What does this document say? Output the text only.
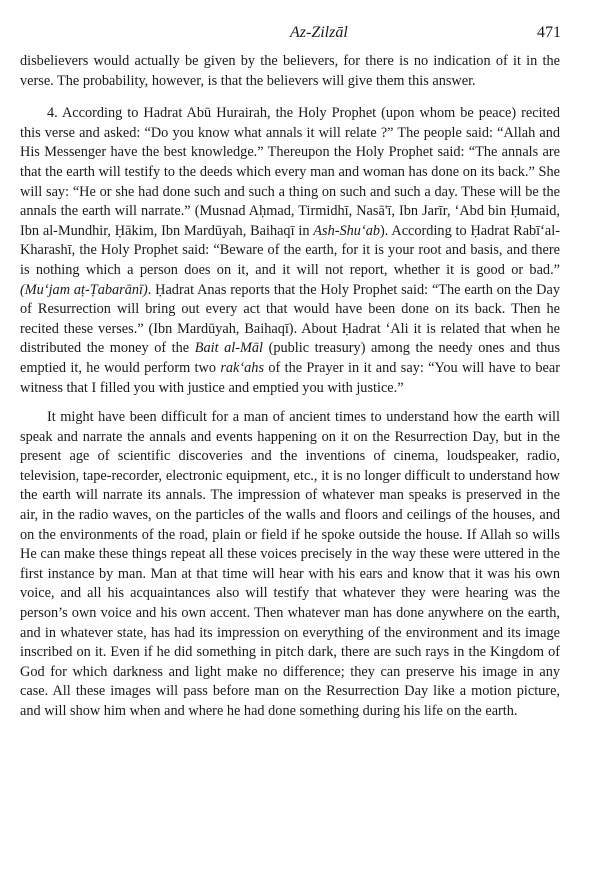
Az-Zilzāl	471

disbelievers would actually be given by the believers, for there is no indication of it in the verse. The probability, however, is that the believers will give them this answer.

4. According to Hadrat Abū Hurairah, the Holy Prophet (upon whom be peace) recited this verse and asked: “Do you know what annals it will relate ?” The people said: “Allah and His Messenger have the best knowledge.” Thereupon the Holy Prophet said: “The annals are that the earth will testify to the deeds which every man and woman has done on its back.” She will say: “He or she had done such and such a thing on such and such a day. These will be the annals the earth will narrate.” (Musnad Aḥmad, Tirmidhī, Nasā'ī, Ibn Jarīr, ‘Abd bin Ḥumaid, Ibn al-Mundhir, Ḥākim, Ibn Mardūyah, Baihaqī in Ash-Shu‘ab). According to Ḥadrat Rabī‘al-Kharashī, the Holy Prophet said: “Beware of the earth, for it is your root and basis, and there is nothing which a person does on it, and it will not report, whether it is good or bad.” (Mu‘jam aṭ-Ṭabarānī). Ḥadrat Anas reports that the Holy Prophet said: “The earth on the Day of Resurrection will bring out every act that would have been done on its back. Then he recited these verses.” (Ibn Mardūyah, Baihaqī). About Ḥadrat ‘Ali it is related that when he distributed the money of the Bait al-Māl (public treasury) among the needy ones and thus emptied it, he would perform two rak‘ahs of the Prayer in it and say: “You will have to bear witness that I filled you with justice and emptied you with justice.”

It might have been difficult for a man of ancient times to understand how the earth will speak and narrate the annals and events happening on it on the Resurrection Day, but in the present age of scientific discoveries and the inventions of cinema, loudspeaker, radio, television, tape-recorder, electronic equipment, etc., it is no longer difficult to understand how the earth will narrate its annals. The impression of whatever man speaks is preserved in the air, in the radio waves, on the particles of the walls and floors and ceilings of the houses, and on the environments of the road, plain or field if he spoke outside the house. If Allah so wills He can make these things repeat all these voices precisely in the way these were uttered in the first instance by man. Man at that time will hear with his ears and know that it was his own voice, and all his acquaintances also will testify that whatever they were hearing was the person’s own voice and his own accent. Then whatever man has done anywhere on the earth, and in whatever state, has had its impression on everything of the environment and its image inscribed on it. Even if he did something in pitch dark, there are such rays in the Kingdom of God for which darkness and light make no difference; they can preserve his image in any case. All these images will pass before man on the Resurrection Day like a motion picture, and will show him when and where he had done something during his life on the earth.
